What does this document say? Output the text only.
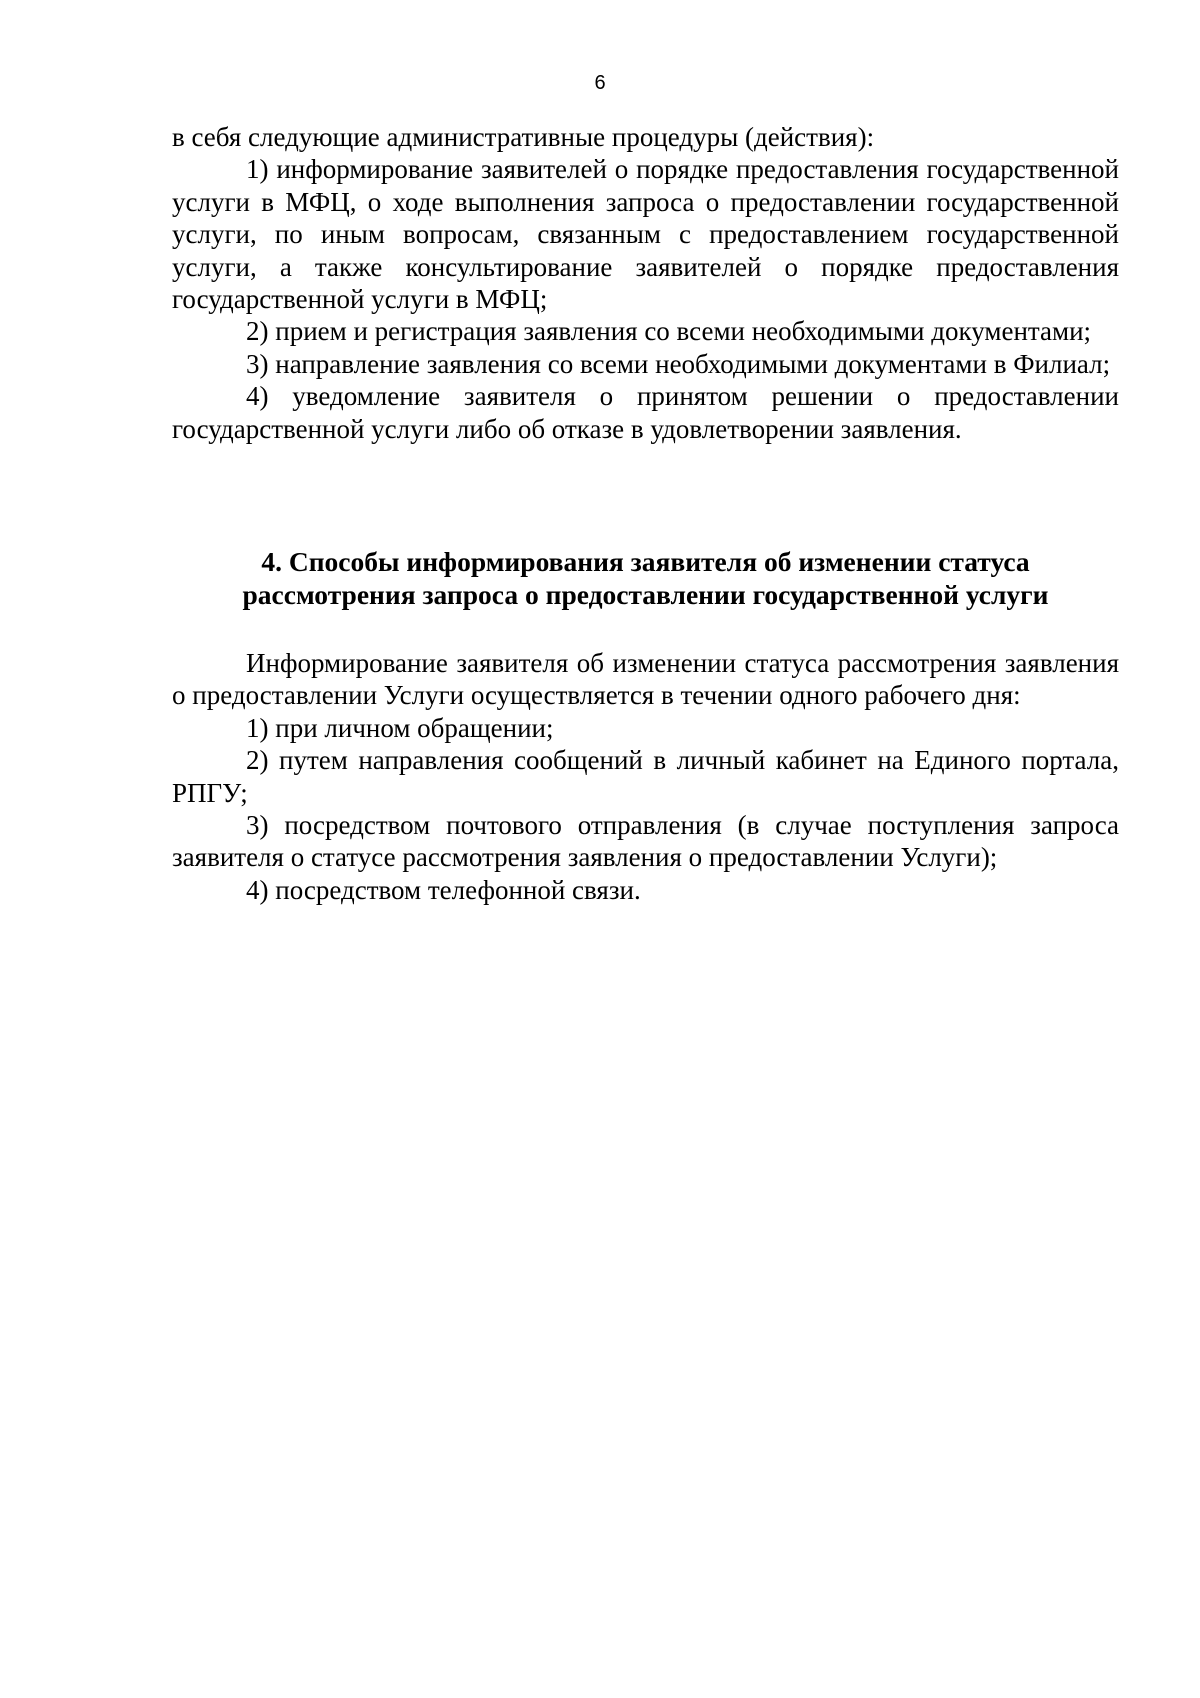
6

в себя следующие административные процедуры (действия):

1) информирование заявителей о порядке предоставления государственной услуги в МФЦ, о ходе выполнения запроса о предоставлении государственной услуги, по иным вопросам, связанным с предоставлением государственной услуги, а также консультирование заявителей о порядке предоставления государственной услуги в МФЦ;

2) прием и регистрация заявления со всеми необходимыми документами;

3) направление заявления со всеми необходимыми документами в Филиал;

4) уведомление заявителя о принятом решении о предоставлении государственной услуги либо об отказе в удовлетворении заявления.

4. Способы информирования заявителя об изменении статуса
рассмотрения запроса о предоставлении государственной услуги

Информирование заявителя об изменении статуса рассмотрения заявления о предоставлении Услуги осуществляется в течении одного рабочего дня:

1) при личном обращении;

2) путем направления сообщений в личный кабинет на Единого портала, РПГУ;

3) посредством почтового отправления (в случае поступления запроса заявителя о статусе рассмотрения заявления о предоставлении Услуги);

4) посредством телефонной связи.
